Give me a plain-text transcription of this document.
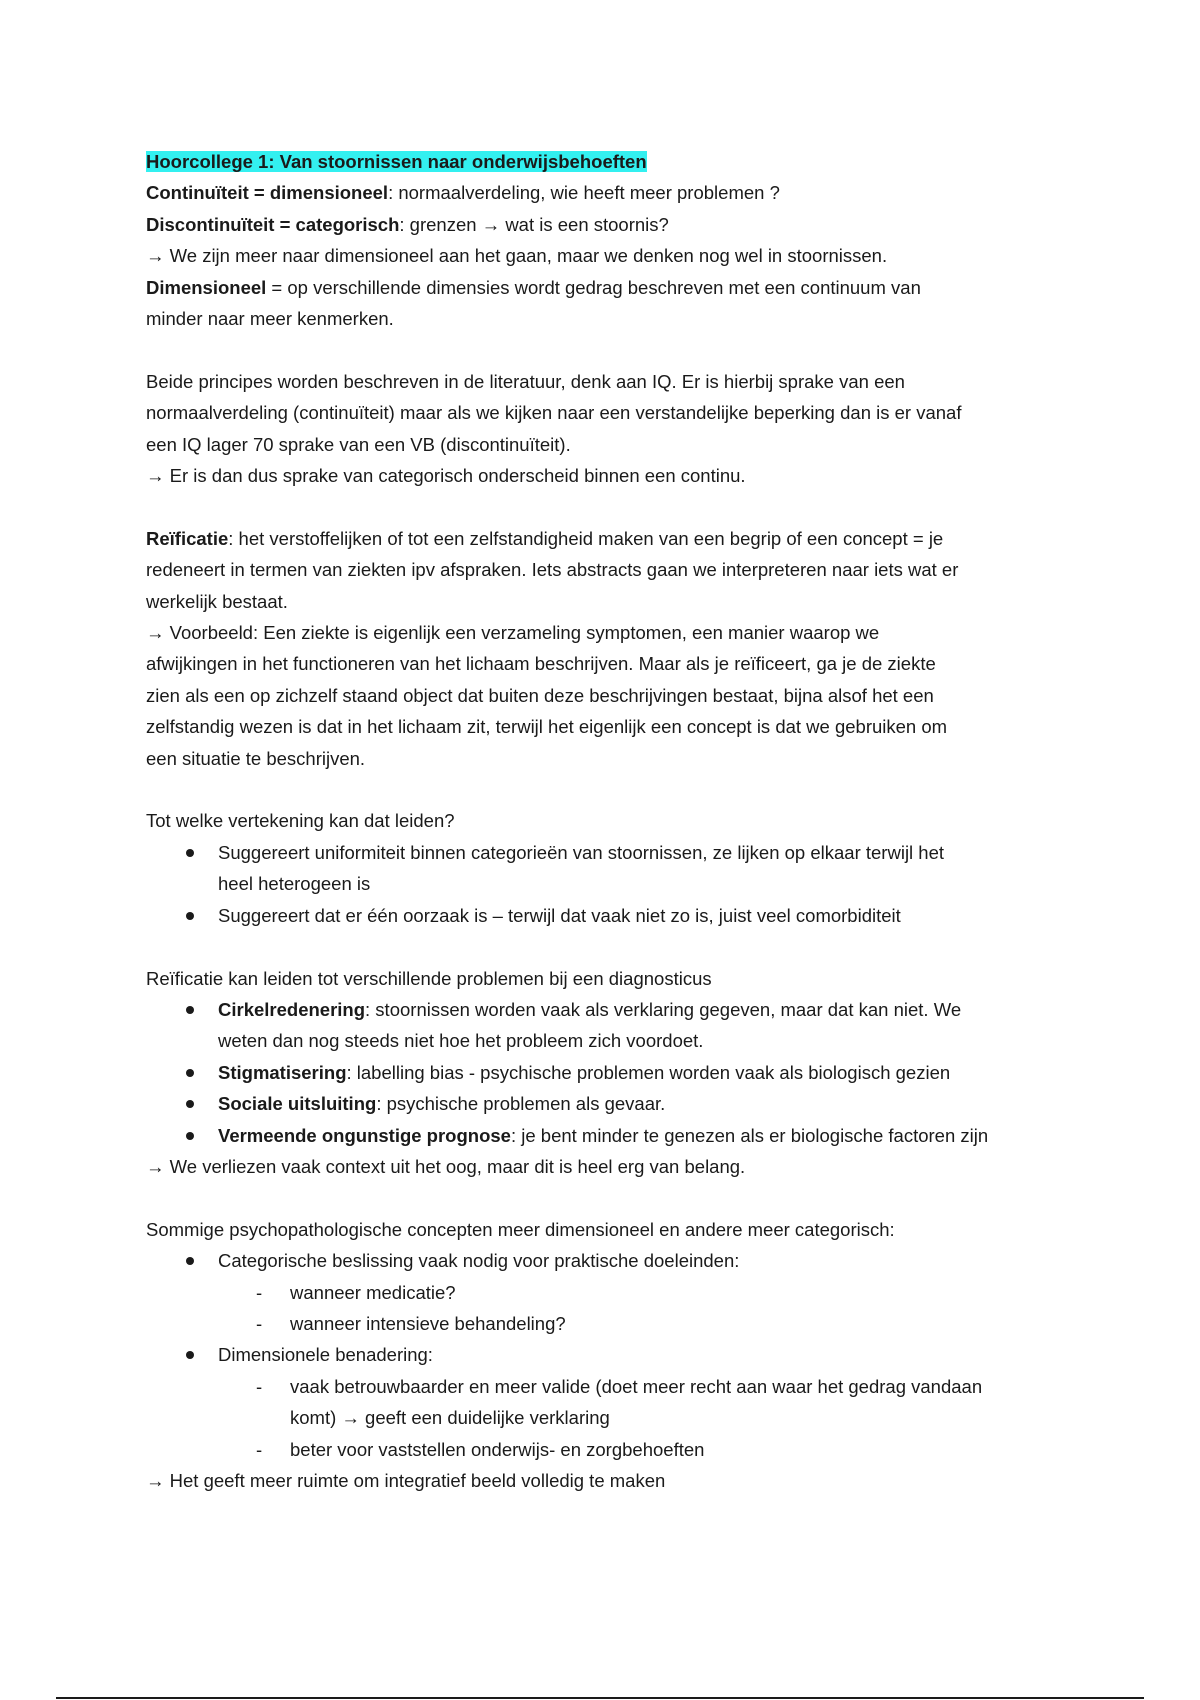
Hoorcollege 1: Van stoornissen naar onderwijsbehoeften

Continuïteit = dimensioneel: normaalverdeling, wie heeft meer problemen ?

Discontinuïteit = categorisch: grenzen → wat is een stoornis?

→ We zijn meer naar dimensioneel aan het gaan, maar we denken nog wel in stoornissen.

Dimensioneel = op verschillende dimensies wordt gedrag beschreven met een continuum van

minder naar meer kenmerken.

Beide principes worden beschreven in de literatuur, denk aan IQ. Er is hierbij sprake van een

normaalverdeling (continuïteit) maar als we kijken naar een verstandelijke beperking dan is er vanaf

een IQ lager 70 sprake van een VB (discontinuïteit).

→ Er is dan dus sprake van categorisch onderscheid binnen een continu.

Reïficatie: het verstoffelijken of tot een zelfstandigheid maken van een begrip of een concept = je

redeneert in termen van ziekten ipv afspraken. Iets abstracts gaan we interpreteren naar iets wat er

werkelijk bestaat.

→ Voorbeeld: Een ziekte is eigenlijk een verzameling symptomen, een manier waarop we

afwijkingen in het functioneren van het lichaam beschrijven. Maar als je reïficeert, ga je de ziekte

zien als een op zichzelf staand object dat buiten deze beschrijvingen bestaat, bijna alsof het een

zelfstandig wezen is dat in het lichaam zit, terwijl het eigenlijk een concept is dat we gebruiken om

een situatie te beschrijven.

Tot welke vertekening kan dat leiden?

Suggereert uniformiteit binnen categorieën van stoornissen, ze lijken op elkaar terwijl het heel heterogeen is
Suggereert dat er één oorzaak is – terwijl dat vaak niet zo is, juist veel comorbiditeit

Reïficatie kan leiden tot verschillende problemen bij een diagnosticus

Cirkelredenering: stoornissen worden vaak als verklaring gegeven, maar dat kan niet. We weten dan nog steeds niet hoe het probleem zich voordoet.
Stigmatisering: labelling bias - psychische problemen worden vaak als biologisch gezien
Sociale uitsluiting: psychische problemen als gevaar.
Vermeende ongunstige prognose: je bent minder te genezen als er biologische factoren zijn

→ We verliezen vaak context uit het oog, maar dit is heel erg van belang.

Sommige psychopathologische concepten meer dimensioneel en andere meer categorisch:

Categorische beslissing vaak nodig voor praktische doeleinden:
- wanneer medicatie?
- wanneer intensieve behandeling?
Dimensionele benadering:
- vaak betrouwbaarder en meer valide (doet meer recht aan waar het gedrag vandaan komt) → geeft een duidelijke verklaring
- beter voor vaststellen onderwijs- en zorgbehoeften

→ Het geeft meer ruimte om integratief beeld volledig te maken
